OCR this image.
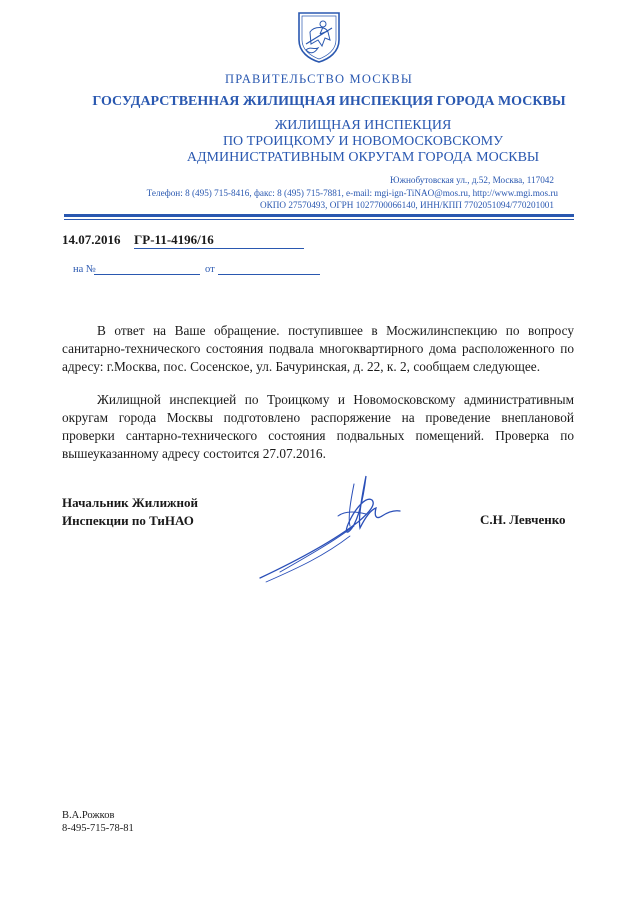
ПРАВИТЕЛЬСТВО МОСКВЫ
ГОСУДАРСТВЕННАЯ ЖИЛИЩНАЯ ИНСПЕКЦИЯ ГОРОДА МОСКВЫ
ЖИЛИЩНАЯ ИНСПЕКЦИЯ
ПО ТРОИЦКОМУ И НОВОМОСКОВСКОМУ
АДМИНИСТРАТИВНЫМ ОКРУГАМ ГОРОДА МОСКВЫ
Южнобутовская ул., д.52, Москва, 117042
Телефон: 8 (495) 715-8416, факс: 8 (495) 715-7881, e-mail: mgi-ign-TiNAO@mos.ru, http://www.mgi.mos.ru
ОКПО 27570493, ОГРН 1027700066140, ИНН/КПП 7702051094/770201001
14.07.2016 ГР-11-4196/16
на №	от

В ответ на Ваше обращение. поступившее в Мосжилинспекцию по вопросу санитарно-технического состояния подвала многоквартирного дома расположенного по адресу: г.Москва, пос. Сосенское, ул. Бачуринская, д. 22, к. 2, сообщаем следующее.

Жилищной инспекцией по Троицкому и Новомосковскому административным округам города Москвы подготовлено распоряжение на проведение внеплановой проверки сантарно-технического состояния подвальных помещений. Проверка по вышеуказанному адресу состоится 27.07.2016.

Начальник Жилижной
Инспекции по ТиНАО	С.Н. Левченко
В.А.Рожков
8-495-715-78-81
